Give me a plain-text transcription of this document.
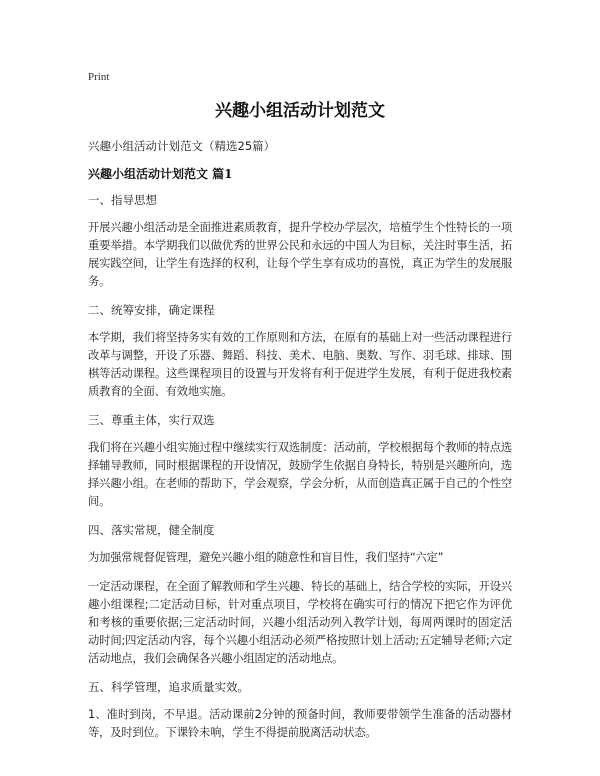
Print
兴趣小组活动计划范文
兴趣小组活动计划范文（精选25篇）
兴趣小组活动计划范文 篇1
一、指导思想
开展兴趣小组活动是全面推进素质教育，提升学校办学层次，培植学生个性特长的一项重要举措。本学期我们以做优秀的世界公民和永远的中国人为目标，关注时事生活，拓展实践空间，让学生有选择的权利，让每个学生享有成功的喜悦，真正为学生的发展服务。
二、统筹安排，确定课程
本学期，我们将坚持务实有效的工作原则和方法，在原有的基础上对一些活动课程进行改革与调整，开设了乐器、舞蹈、科技、美术、电脑、奥数、写作、羽毛球、排球、围棋等活动课程。这些课程项目的设置与开发将有利于促进学生发展，有利于促进我校素质教育的全面、有效地实施。
三、尊重主体，实行双选
我们将在兴趣小组实施过程中继续实行双选制度：活动前，学校根据每个教师的特点选择辅导教师，同时根据课程的开设情况，鼓励学生依据自身特长，特别是兴趣所向，选择兴趣小组。在老师的帮助下，学会观察，学会分析，从而创造真正属于自己的个性空间。
四、落实常规，健全制度
为加强常规督促管理，避免兴趣小组的随意性和盲目性，我们坚持“六定”
一定活动课程，在全面了解教师和学生兴趣、特长的基础上，结合学校的实际，开设兴趣小组课程;二定活动目标，针对重点项目，学校将在确实可行的情况下把它作为评优和考核的重要依据;三定活动时间，兴趣小组活动列入教学计划，每周两课时的固定活动时间;四定活动内容，每个兴趣小组活动必须严格按照计划上活动;五定辅导老师;六定活动地点，我们会确保各兴趣小组固定的活动地点。
五、科学管理，追求质量实效。
1、准时到岗，不早退。活动课前2分钟的预备时间，教师要带领学生准备的活动器材等，及时到位。下课铃未响，学生不得提前脱离活动状态。
